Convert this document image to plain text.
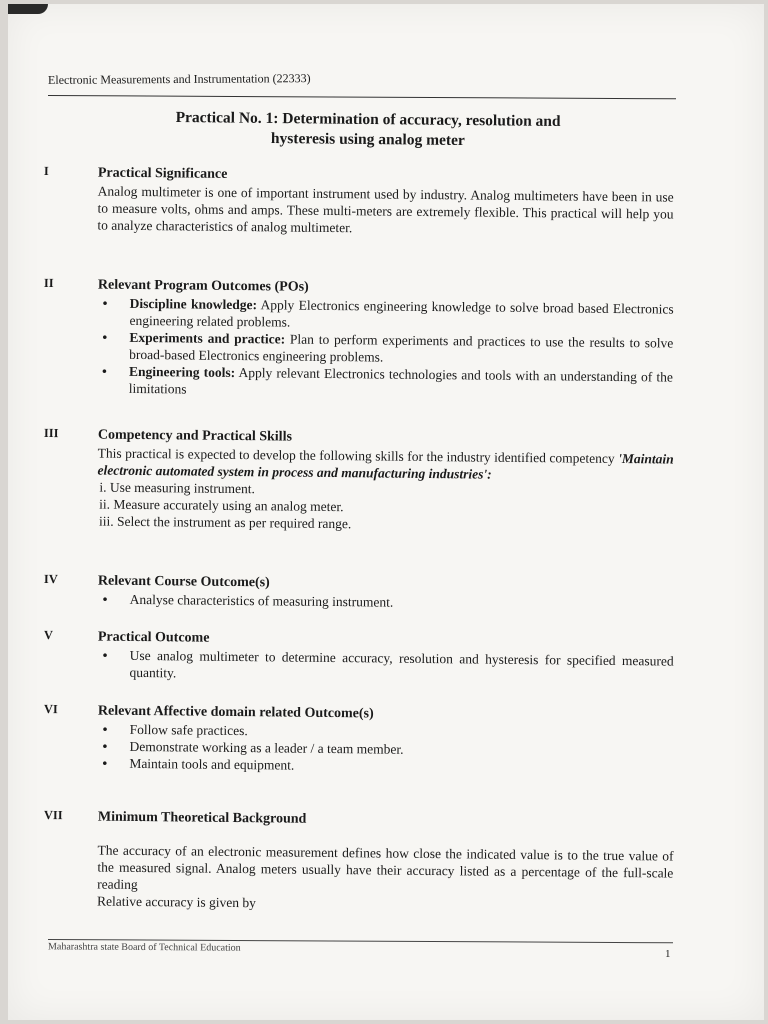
Electronic Measurements and Instrumentation (22333)
Practical No. 1: Determination of accuracy, resolution and
hysteresis using analog meter
I	Practical Significance
Analog multimeter is one of important instrument used by industry. Analog multimeters have been in use to measure volts, ohms and amps. These multi-meters are extremely flexible. This practical will help you to analyze characteristics of analog multimeter.
II	Relevant Program Outcomes (POs)
• Discipline knowledge: Apply Electronics engineering knowledge to solve broad based Electronics engineering related problems.
• Experiments and practice: Plan to perform experiments and practices to use the results to solve broad-based Electronics engineering problems.
• Engineering tools: Apply relevant Electronics technologies and tools with an understanding of the limitations
III	Competency and Practical Skills
This practical is expected to develop the following skills for the industry identified competency 'Maintain electronic automated system in process and manufacturing industries':
i. Use measuring instrument.
ii. Measure accurately using an analog meter.
iii. Select the instrument as per required range.
IV	Relevant Course Outcome(s)
• Analyse characteristics of measuring instrument.
V	Practical Outcome
• Use analog multimeter to determine accuracy, resolution and hysteresis for specified measured quantity.
VI	Relevant Affective domain related Outcome(s)
• Follow safe practices.
• Demonstrate working as a leader / a team member.
• Maintain tools and equipment.
VII	Minimum Theoretical Background
The accuracy of an electronic measurement defines how close the indicated value is to the true value of the measured signal. Analog meters usually have their accuracy listed as a percentage of the full-scale reading
Relative accuracy is given by
Maharashtra state Board of Technical Education
1
